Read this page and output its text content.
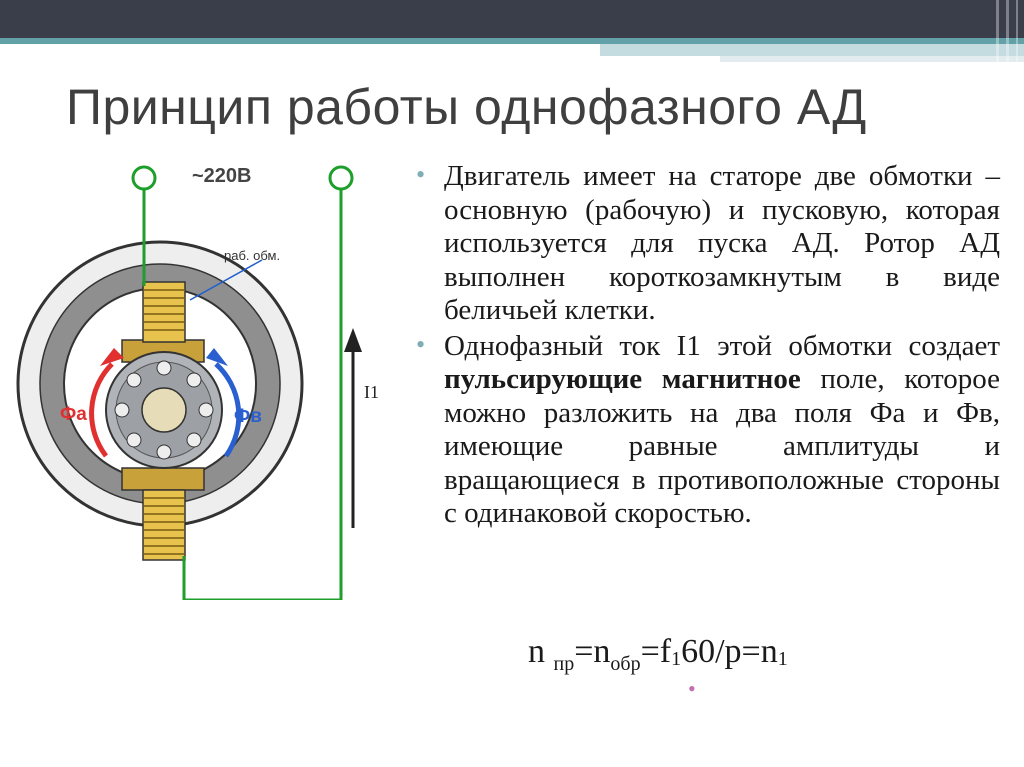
Принцип работы однофазного АД
~220В
раб. обм.
Фа	Фв
I1

• Двигатель имеет на статоре две обмотки – основную (рабочую) и пусковую, которая используется для пуска АД. Ротор АД выполнен короткозамкнутым в виде беличьей клетки.

• Однофазный ток I1 этой обмотки создает пульсирующие магнитное поле, которое можно разложить на два поля Фа и Фв, имеющие равные амплитуды и вращающиеся в противоположные стороны с одинаковой скоростью.

n $_{пр}=n_{обр}=f160/p=n1$
•
